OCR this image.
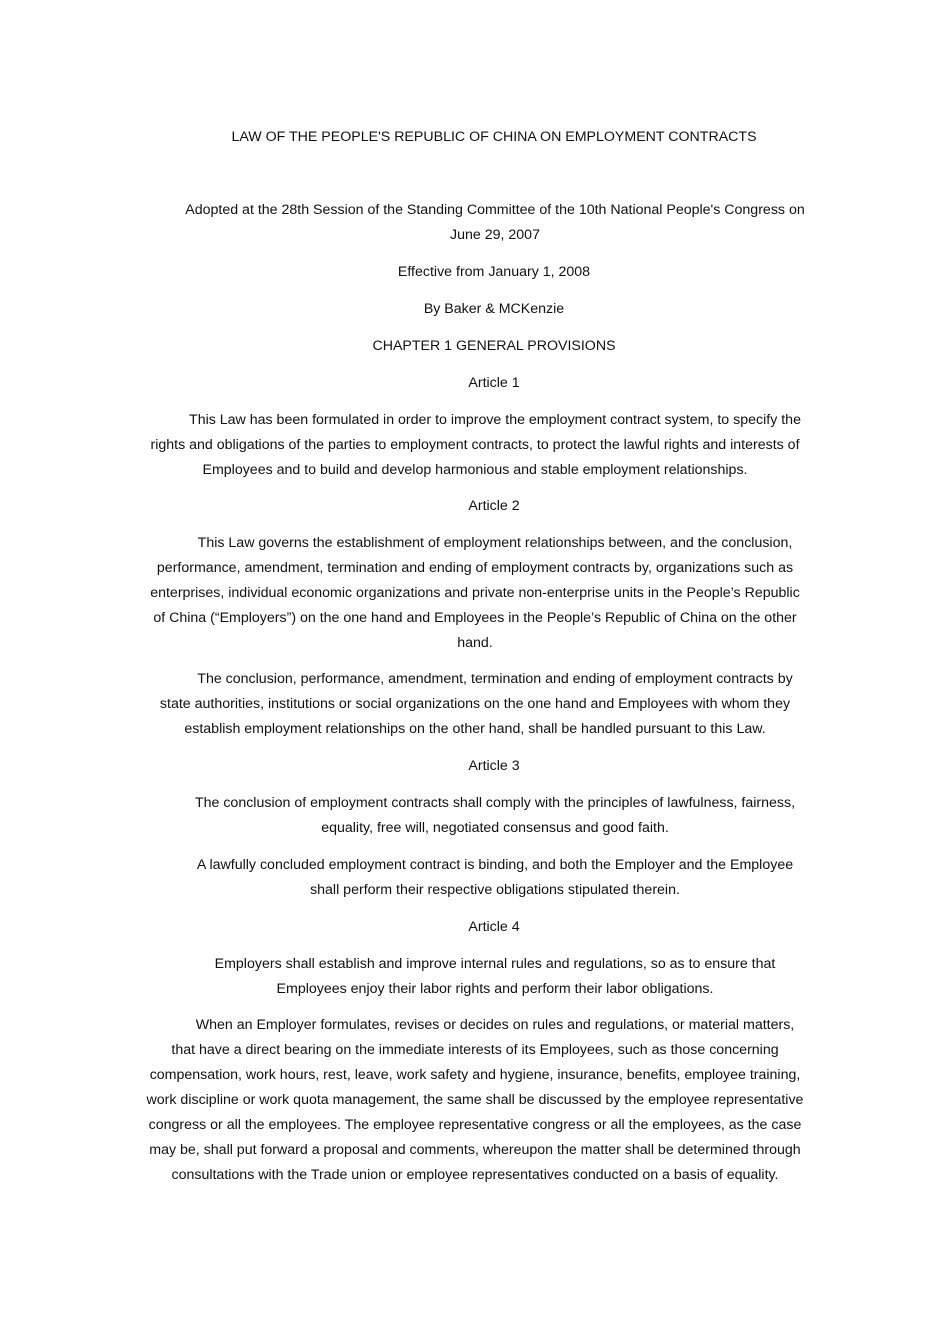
LAW OF THE PEOPLE'S REPUBLIC OF CHINA ON EMPLOYMENT CONTRACTS

Adopted at the 28th Session of the Standing Committee of the 10th National People's Congress on June 29, 2007

Effective from January 1, 2008

By Baker & MCKenzie

CHAPTER 1 GENERAL PROVISIONS

Article 1

This Law has been formulated in order to improve the employment contract system, to specify the rights and obligations of the parties to employment contracts, to protect the lawful rights and interests of Employees and to build and develop harmonious and stable employment relationships.

Article 2

This Law governs the establishment of employment relationships between, and the conclusion, performance, amendment, termination and ending of employment contracts by, organizations such as enterprises, individual economic organizations and private non-enterprise units in the People’s Republic of China (“Employers”) on the one hand and Employees in the People’s Republic of China on the other hand.

The conclusion, performance, amendment, termination and ending of employment contracts by state authorities, institutions or social organizations on the one hand and Employees with whom they establish employment relationships on the other hand, shall be handled pursuant to this Law.

Article 3

The conclusion of employment contracts shall comply with the principles of lawfulness, fairness, equality, free will, negotiated consensus and good faith.

A lawfully concluded employment contract is binding, and both the Employer and the Employee shall perform their respective obligations stipulated therein.

Article 4

Employers shall establish and improve internal rules and regulations, so as to ensure that Employees enjoy their labor rights and perform their labor obligations.

When an Employer formulates, revises or decides on rules and regulations, or material matters, that have a direct bearing on the immediate interests of its Employees, such as those concerning compensation, work hours, rest, leave, work safety and hygiene, insurance, benefits, employee training, work discipline or work quota management, the same shall be discussed by the employee representative congress or all the employees. The employee representative congress or all the employees, as the case may be, shall put forward a proposal and comments, whereupon the matter shall be determined through consultations with the Trade union or employee representatives conducted on a basis of equality.
